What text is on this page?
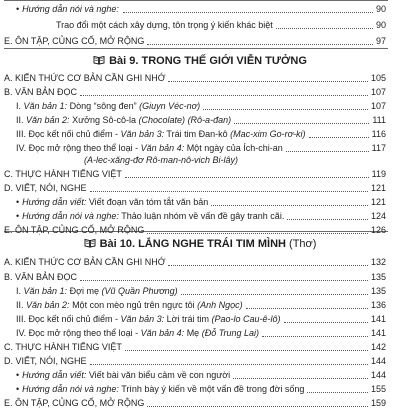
• Hướng dẫn nói và nghe:	90
Trao đổi một cách xây dựng, tôn trọng ý kiến khác biệt	90
E. ÔN TẬP, CỦNG CỐ, MỞ RỘNG	97
Bài 9. TRONG THẾ GIỚI VIỄN TƯỞNG
Bài 10. LẮNG NGHE TRÁI TIM MÌNH (Thơ)
A. KIẾN THỨC CƠ BẢN CẦN GHI NHỚ	105
B. VĂN BẢN ĐỌC	107
I. Văn bản 1: Dòng “sông đen” (Giuyn Véc-nơ)	107
II. Văn bản 2: Xưởng Sô-cô-la (Chocolate) (Rô-a-đan)	111
III. Đọc kết nối chủ điểm - Văn bản 3: Trái tim Đan-kô (Mac-xim Go-rơ-ki)	116
IV. Đọc mở rộng theo thể loại - Văn bản 4: Một ngày của Ích-chi-an	117
(A-lec-xăng-đơ Rô-man-nô-vich Bi-lây)
C. THỰC HÀNH TIẾNG VIỆT	119
D. VIẾT, NÓI, NGHE	121
• Hướng dẫn viết: Viết đoạn văn tóm tắt văn bản	121
• Hướng dẫn nói và nghe: Thảo luận nhóm về vấn đề gây tranh cãi.	124
E. ÔN TẬP, CỦNG CỐ, MỞ RỘNG	126
A. KIẾN THỨC CƠ BẢN CẦN GHI NHỚ	132
B. VĂN BẢN ĐỌC	135
I. Văn bản 1: Đợi mẹ (Vũ Quần Phương)	135
II. Văn bản 2: Một con mèo ngủ trên ngực tôi (Anh Ngọc)	136
III. Đọc kết nối chủ điểm - Văn bản 3: Lời trái tim (Pao-lo Cau-ê-lô)	141
IV. Đọc mở rộng theo thể loại - Văn bản 4: Mẹ (Đỗ Trung Lai)	141
C. THỰC HÀNH TIẾNG VIỆT	142
D. VIẾT, NÓI, NGHE	144
• Hướng dẫn viết: Viết bài văn biểu cảm về con người	144
• Hướng dẫn nói và nghe: Trình bày ý kiến về một vấn đề trong đời sống	155
E. ÔN TẬP, CỦNG CỐ, MỞ RỘNG	159
